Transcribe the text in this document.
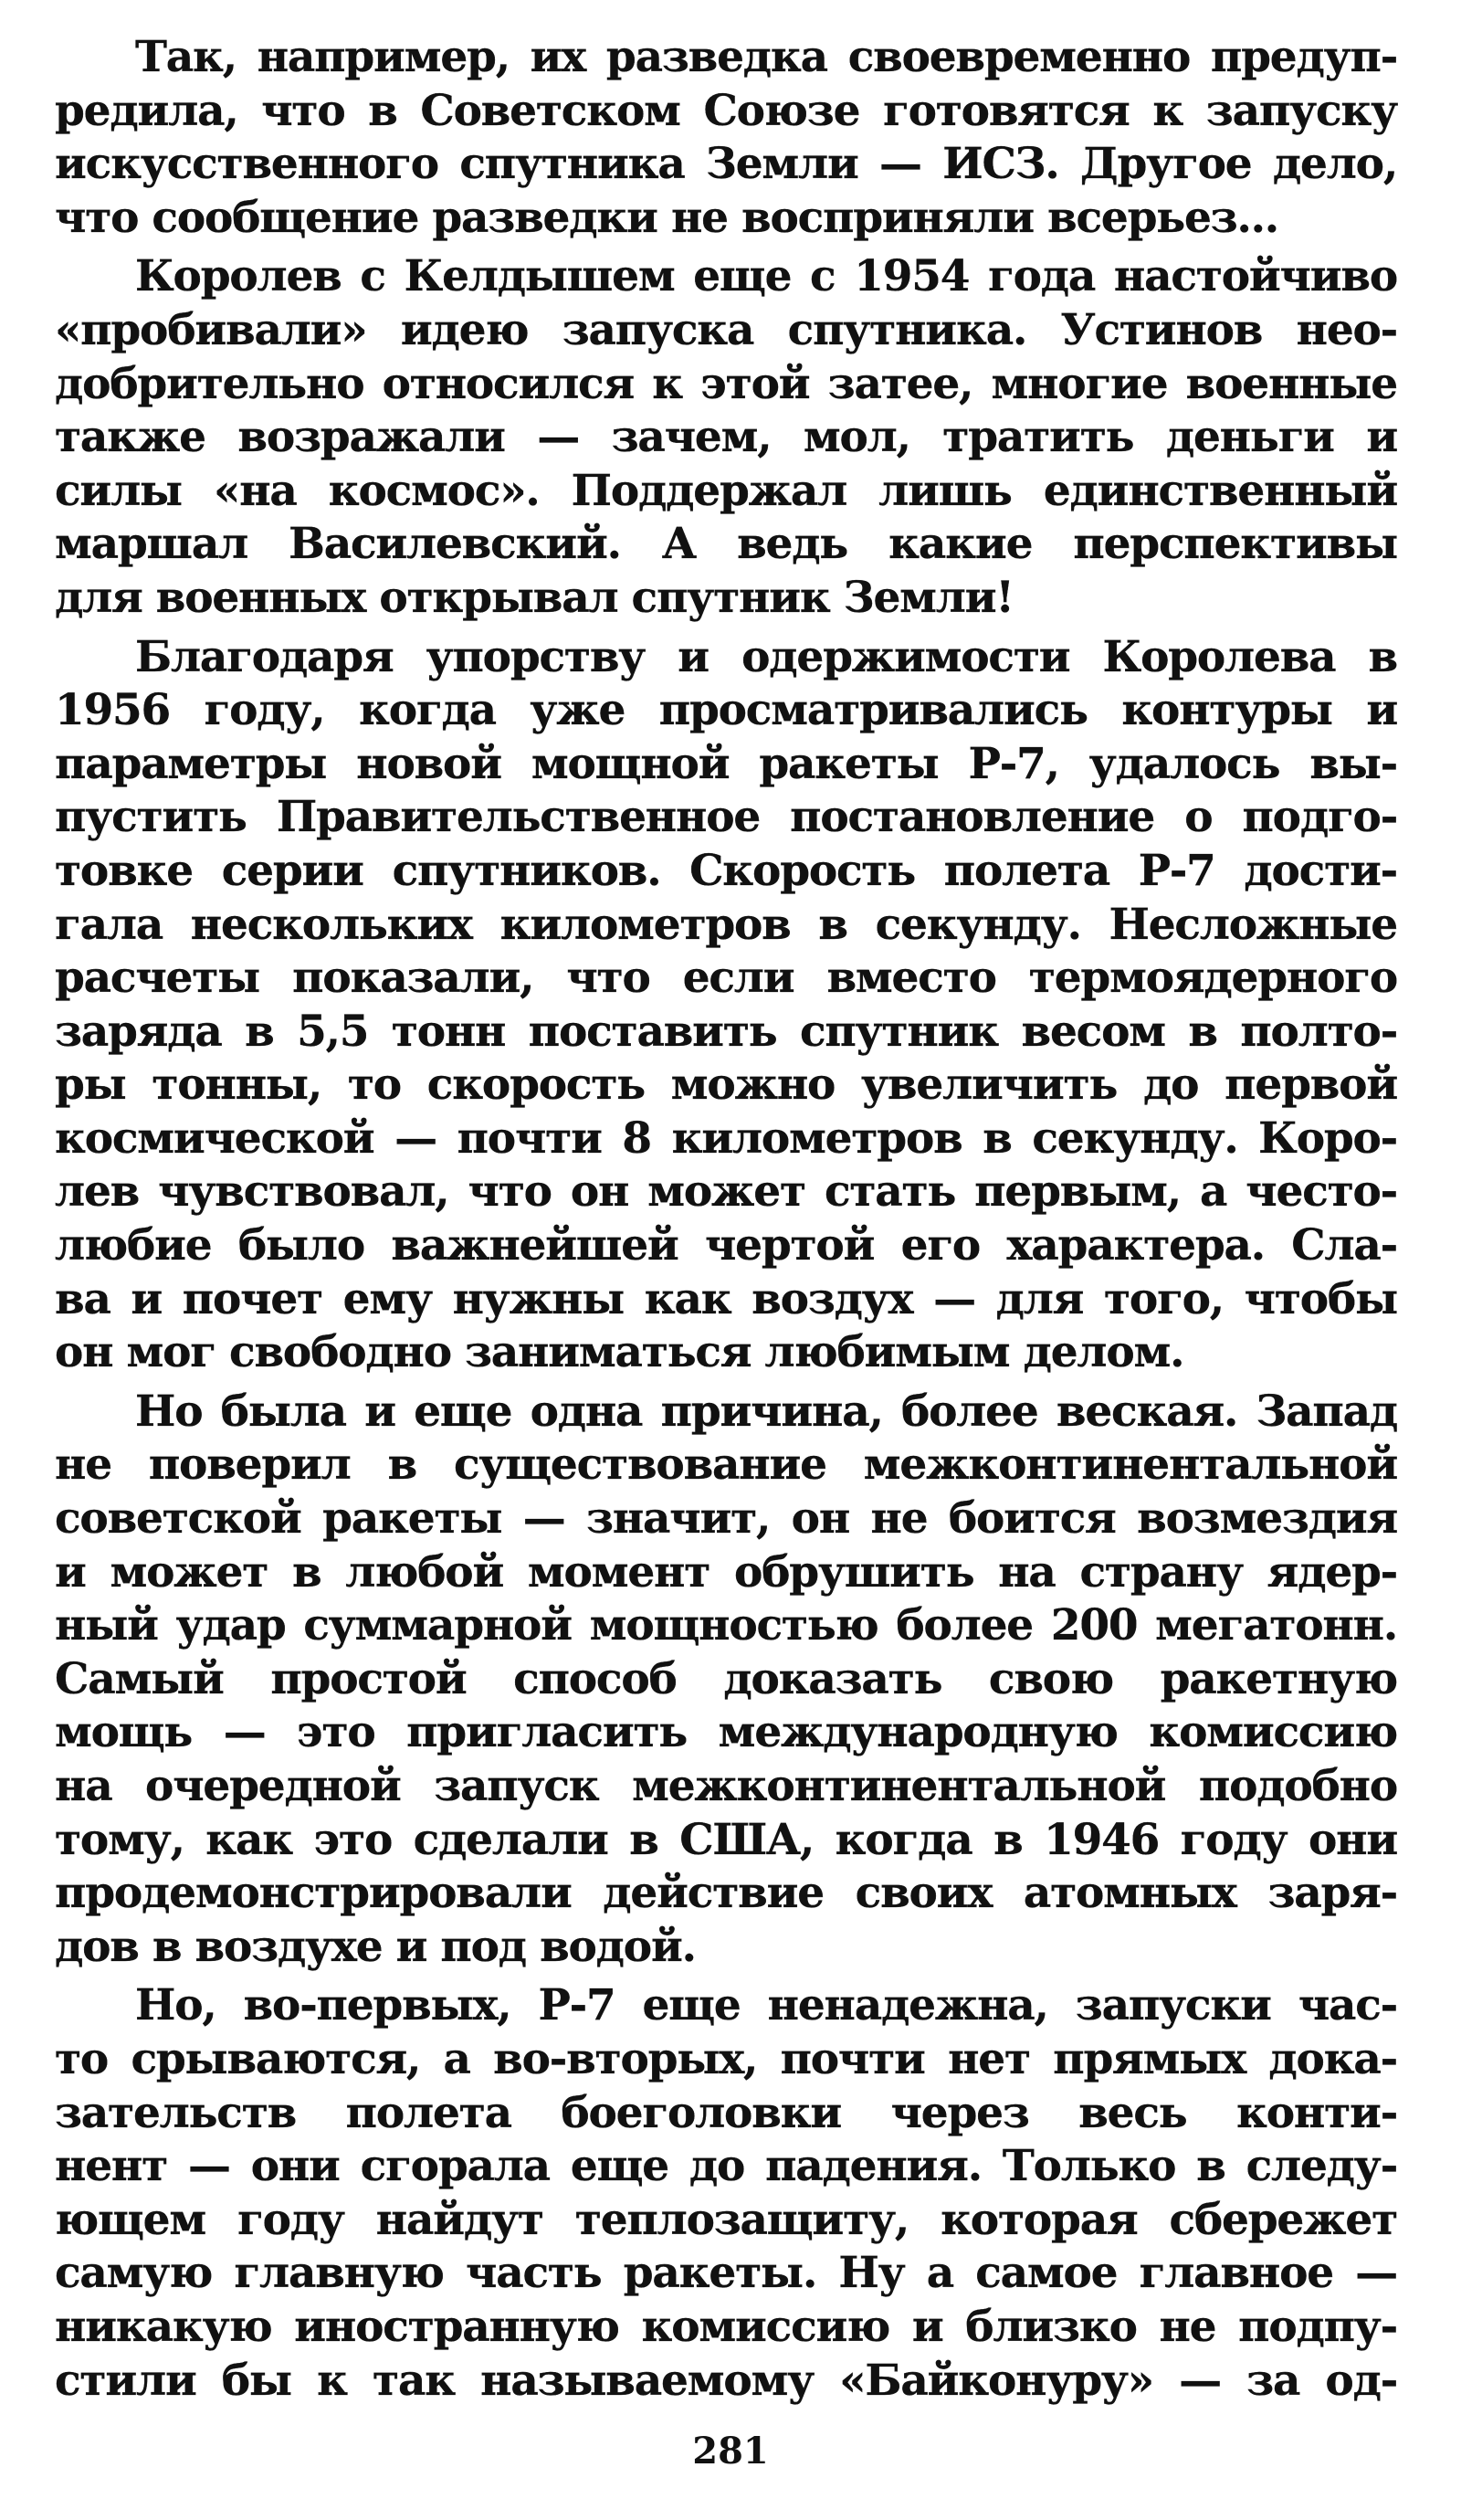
Так, например, их разведка своевременно предуп-
редила, что в Советском Союзе готовятся к запуску
искусственного спутника Земли — ИСЗ. Другое дело,
что сообщение разведки не восприняли всерьез...
Королев с Келдышем еще с 1954 года настойчиво
«пробивали» идею запуска спутника. Устинов нео-
добрительно относился к этой затее, многие военные
также возражали — зачем, мол, тратить деньги и
силы «на космос». Поддержал лишь единственный
маршал Василевский. А ведь какие перспективы
для военных открывал спутник Земли!
Благодаря упорству и одержимости Королева в
1956 году, когда уже просматривались контуры и
параметры новой мощной ракеты Р-7, удалось вы-
пустить Правительственное постановление о подго-
товке серии спутников. Скорость полета Р-7 дости-
гала нескольких километров в секунду. Несложные
расчеты показали, что если вместо термоядерного
заряда в 5,5 тонн поставить спутник весом в полто-
ры тонны, то скорость можно увеличить до первой
космической — почти 8 километров в секунду. Коро-
лев чувствовал, что он может стать первым, а често-
любие было важнейшей чертой его характера. Сла-
ва и почет ему нужны как воздух — для того, чтобы
он мог свободно заниматься любимым делом.
Но была и еще одна причина, более веская. Запад
не поверил в существование межконтинентальной
советской ракеты — значит, он не боится возмездия
и может в любой момент обрушить на страну ядер-
ный удар суммарной мощностью более 200 мегатонн.
Самый простой способ доказать свою ракетную
мощь — это пригласить международную комиссию
на очередной запуск межконтинентальной подобно
тому, как это сделали в США, когда в 1946 году они
продемонстрировали действие своих атомных заря-
дов в воздухе и под водой.
Но, во-первых, Р-7 еще ненадежна, запуски час-
то срываются, а во-вторых, почти нет прямых дока-
зательств полета боеголовки через весь конти-
нент — они сгорала еще до падения. Только в следу-
ющем году найдут теплозащиту, которая сбережет
самую главную часть ракеты. Ну а самое главное —
никакую иностранную комиссию и близко не подпу-
стили бы к так называемому «Байконуру» — за од-
281
